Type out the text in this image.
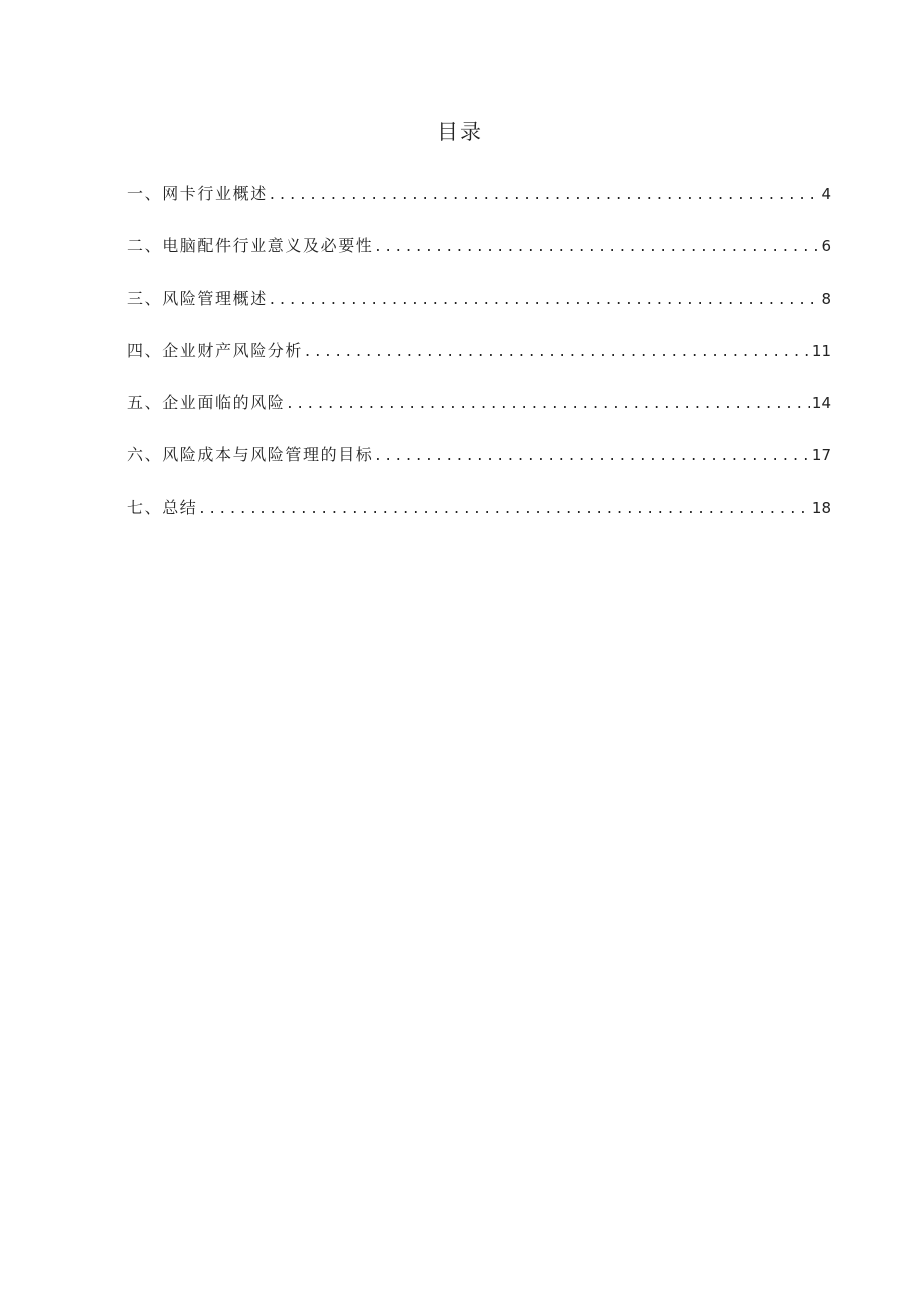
目录
一、网卡行业概述 .....	4
二、电脑配件行业意义及必要性 .....	6
三、风险管理概述 .....	8
四、企业财产风险分析 .....	11
五、企业面临的风险 .....	14
六、风险成本与风险管理的目标 .....	17
七、总结 .....	18
